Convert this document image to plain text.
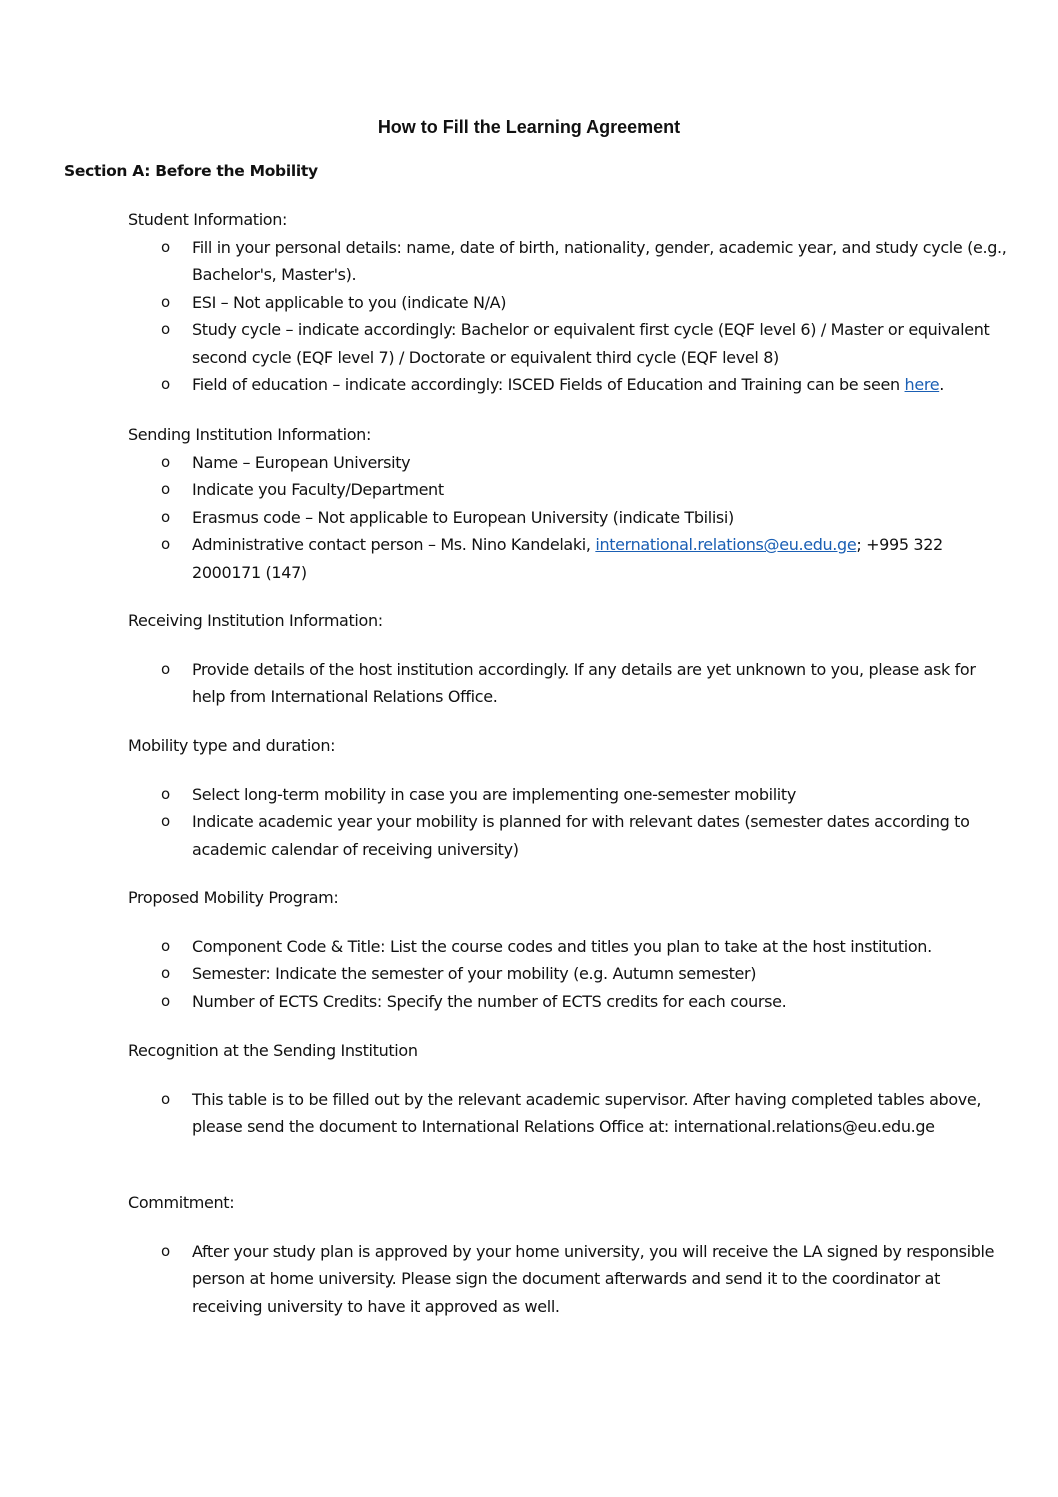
How to Fill the Learning Agreement
Section A: Before the Mobility
Student Information:
o Fill in your personal details: name, date of birth, nationality, gender, academic year, and study cycle (e.g., Bachelor's, Master's).
o ESI – Not applicable to you (indicate N/A)
o Study cycle – indicate accordingly: Bachelor or equivalent first cycle (EQF level 6) / Master or equivalent second cycle (EQF level 7) / Doctorate or equivalent third cycle (EQF level 8)
o Field of education – indicate accordingly: ISCED Fields of Education and Training can be seen here.
Sending Institution Information:
o Name – European University
o Indicate you Faculty/Department
o Erasmus code – Not applicable to European University (indicate Tbilisi)
o Administrative contact person – Ms. Nino Kandelaki, international.relations@eu.edu.ge; +995 322 2000171 (147)
Receiving Institution Information:
o Provide details of the host institution accordingly. If any details are yet unknown to you, please ask for help from International Relations Office.
Mobility type and duration:
o Select long-term mobility in case you are implementing one-semester mobility
o Indicate academic year your mobility is planned for with relevant dates (semester dates according to academic calendar of receiving university)
Proposed Mobility Program:
o Component Code & Title: List the course codes and titles you plan to take at the host institution.
o Semester: Indicate the semester of your mobility (e.g. Autumn semester)
o Number of ECTS Credits: Specify the number of ECTS credits for each course.
Recognition at the Sending Institution
o This table is to be filled out by the relevant academic supervisor. After having completed tables above, please send the document to International Relations Office at: international.relations@eu.edu.ge
Commitment:
o After your study plan is approved by your home university, you will receive the LA signed by responsible person at home university. Please sign the document afterwards and send it to the coordinator at receiving university to have it approved as well.
